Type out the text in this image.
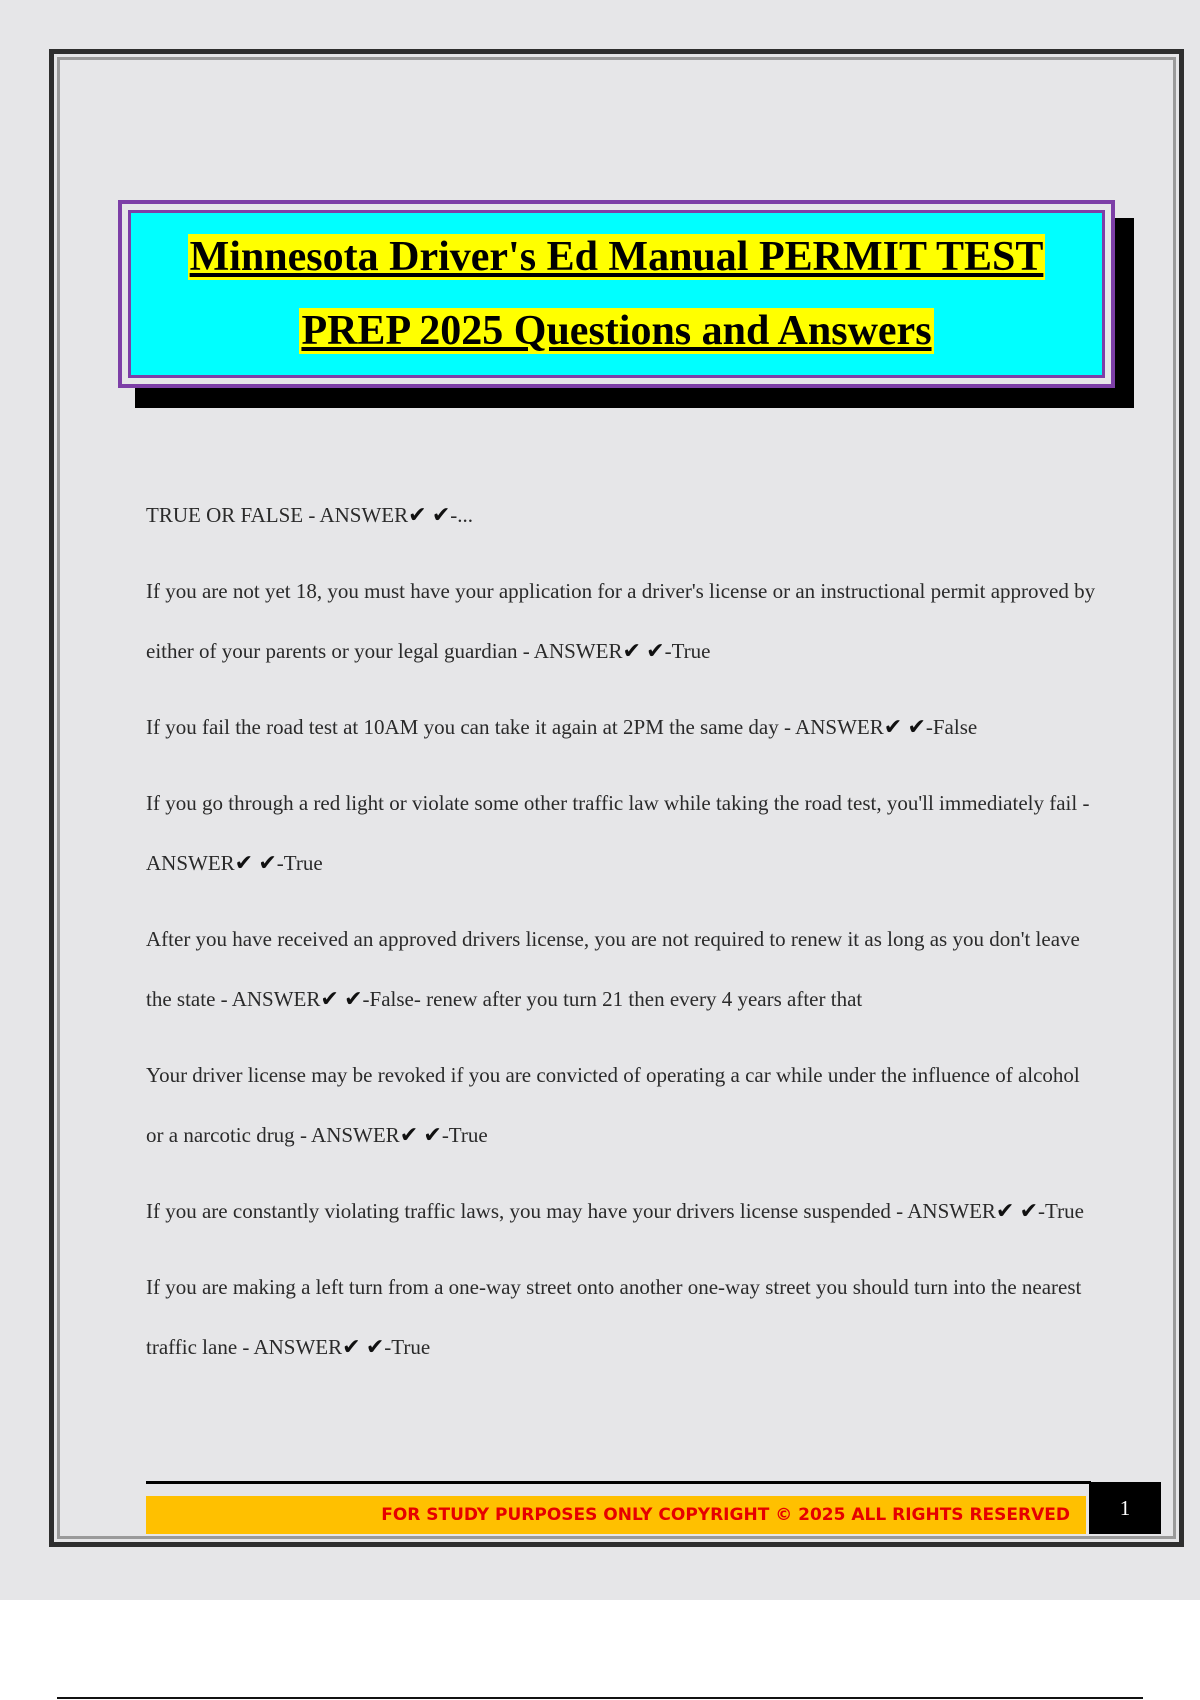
Minnesota Driver's Ed Manual PERMIT TEST
PREP 2025 Questions and Answers

TRUE OR FALSE - ANSWER✔ ✔-...

If you are not yet 18, you must have your application for a driver's license or an instructional permit approved by either of your parents or your legal guardian - ANSWER✔ ✔-True

If you fail the road test at 10AM you can take it again at 2PM the same day - ANSWER✔ ✔-False

If you go through a red light or violate some other traffic law while taking the road test, you'll immediately fail - ANSWER✔ ✔-True

After you have received an approved drivers license, you are not required to renew it as long as you don't leave the state - ANSWER✔ ✔-False- renew after you turn 21 then every 4 years after that

Your driver license may be revoked if you are convicted of operating a car while under the influence of alcohol or a narcotic drug - ANSWER✔ ✔-True

If you are constantly violating traffic laws, you may have your drivers license suspended - ANSWER✔ ✔-True

If you are making a left turn from a one-way street onto another one-way street you should turn into the nearest traffic lane - ANSWER✔ ✔-True

FOR STUDY PURPOSES ONLY COPYRIGHT © 2025 ALL RIGHTS RESERVED	1
